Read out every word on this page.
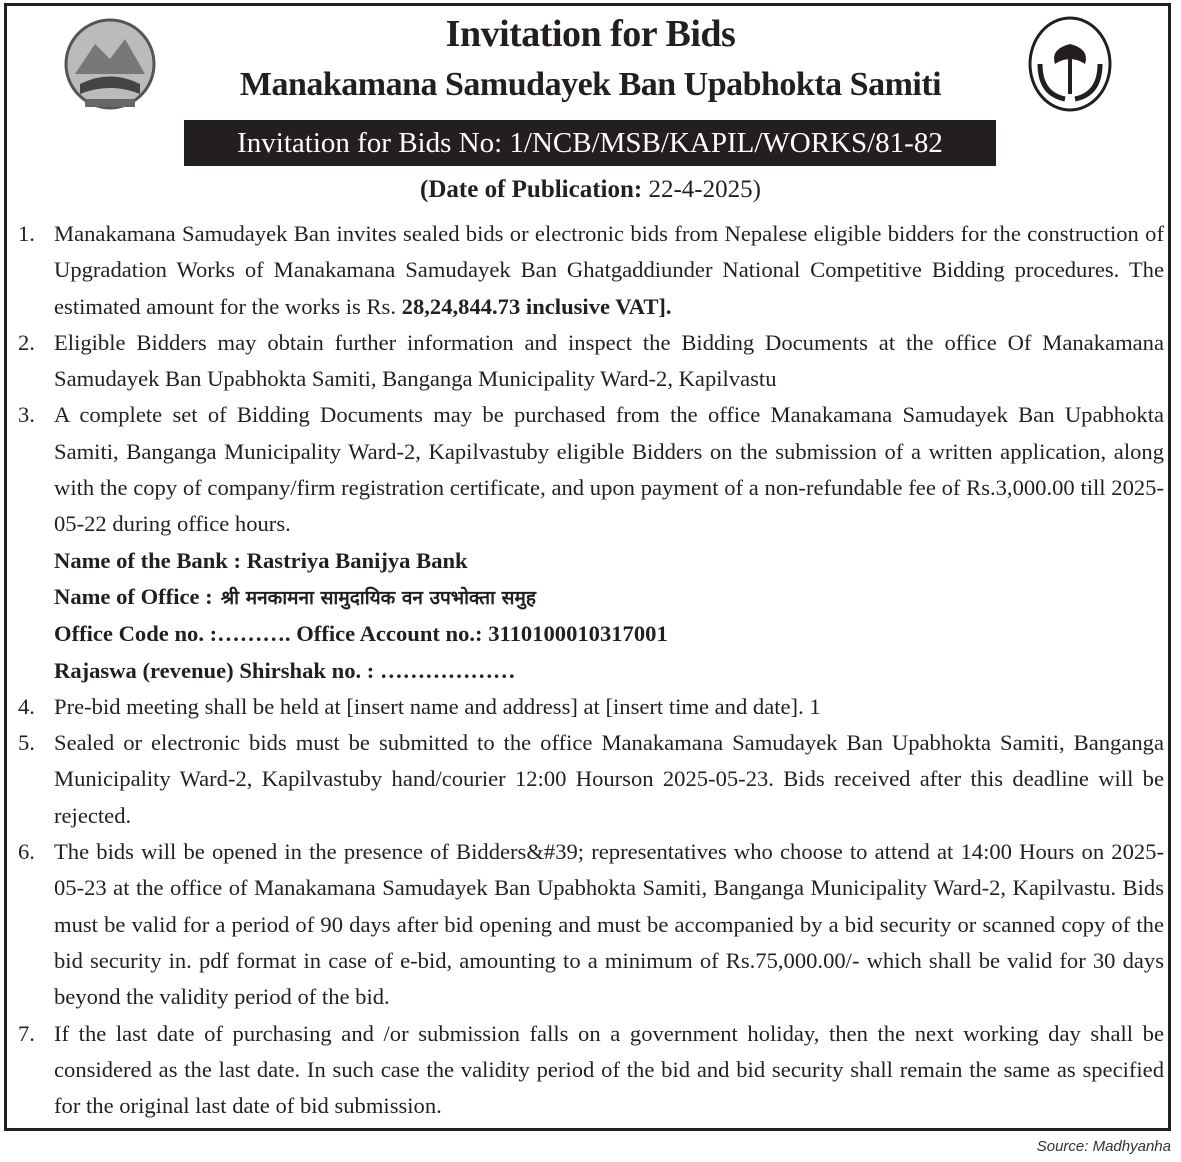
Invitation for Bids
Manakamana Samudayek Ban Upabhokta Samiti
Invitation for Bids No: 1/NCB/MSB/KAPIL/WORKS/81-82
(Date of Publication: 22-4-2025)
1. Manakamana Samudayek Ban invites sealed bids or electronic bids from Nepalese eligible bidders for the construction of Upgradation Works of Manakamana Samudayek Ban Ghatgaddiunder National Competitive Bidding procedures. The estimated amount for the works is Rs. 28,24,844.73 inclusive VAT].
2. Eligible Bidders may obtain further information and inspect the Bidding Documents at the office Of Manakamana Samudayek Ban Upabhokta Samiti, Banganga Municipality Ward-2, Kapilvastu
3. A complete set of Bidding Documents may be purchased from the office Manakamana Samudayek Ban Upabhokta Samiti, Banganga Municipality Ward-2, Kapilvastuby eligible Bidders on the submission of a written application, along with the copy of company/firm registration certificate, and upon payment of a non-refundable fee of Rs.3,000.00 till 2025-05-22 during office hours.
Name of the Bank : Rastriya Banijya Bank
Name of Office : श्री मनकामना सामुदायिक वन उपभोक्ता समुह
Office Code no. :………. Office Account no.: 3110100010317001
Rajaswa (revenue) Shirshak no. : ………………
4. Pre-bid meeting shall be held at [insert name and address] at [insert time and date]. 1
5. Sealed or electronic bids must be submitted to the office Manakamana Samudayek Ban Upabhokta Samiti, Banganga Municipality Ward-2, Kapilvastuby hand/courier 12:00 Hourson 2025-05-23. Bids received after this deadline will be rejected.
6. The bids will be opened in the presence of Bidders&#39; representatives who choose to attend at 14:00 Hours on 2025-05-23 at the office of Manakamana Samudayek Ban Upabhokta Samiti, Banganga Municipality Ward-2, Kapilvastu. Bids must be valid for a period of 90 days after bid opening and must be accompanied by a bid security or scanned copy of the bid security in. pdf format in case of e-bid, amounting to a minimum of Rs.75,000.00/- which shall be valid for 30 days beyond the validity period of the bid.
7. If the last date of purchasing and /or submission falls on a government holiday, then the next working day shall be considered as the last date. In such case the validity period of the bid and bid security shall remain the same as specified for the original last date of bid submission.
Source: Madhyanha
